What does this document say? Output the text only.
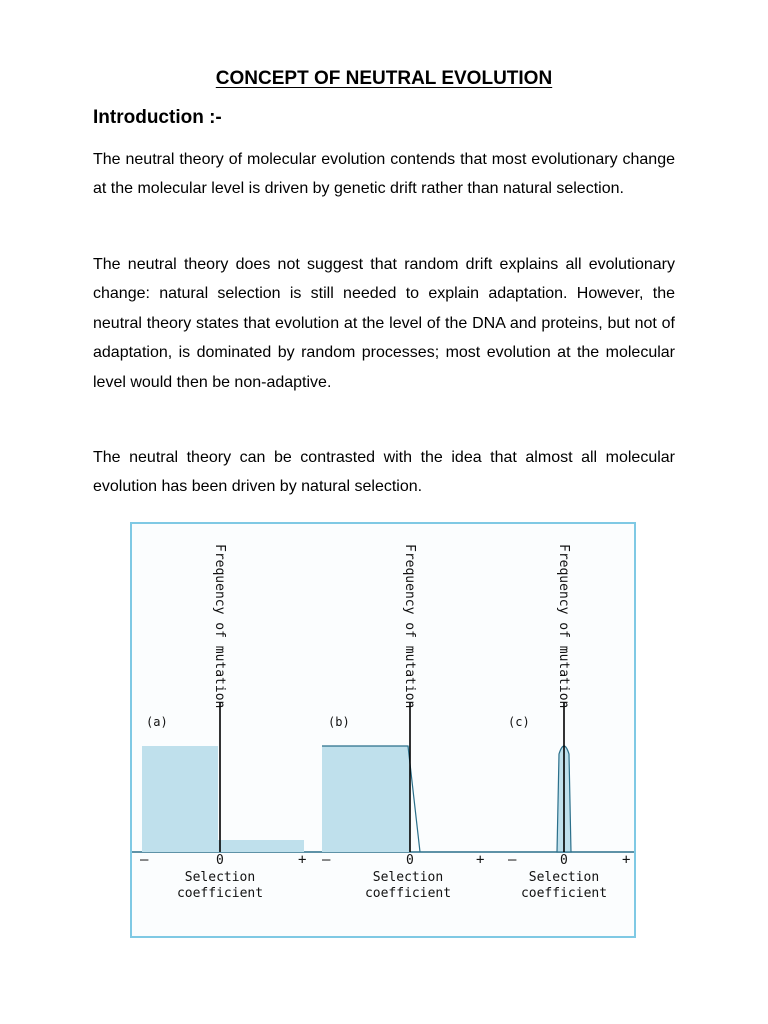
CONCEPT OF NEUTRAL EVOLUTION
Introduction :-

The neutral theory of molecular evolution contends that most evolutionary change at the molecular level is driven by genetic drift rather than natural selection.

The neutral theory does not suggest that random drift explains all evolutionary change: natural selection is still needed to explain adaptation. However, the neutral theory states that evolution at the level of the DNA and proteins, but not of adaptation, is dominated by random processes; most evolution at the molecular level would then be non-adaptive.

The neutral theory can be contrasted with the idea that almost all molecular evolution has been driven by natural selection.

(a)
Frequency of mutation
–	0	+
Selection
coefficient
(b)
Frequency of mutation
–	0	+
Selection
coefficient
(c)
Frequency of mutation
–	0	+
Selection
coefficient
